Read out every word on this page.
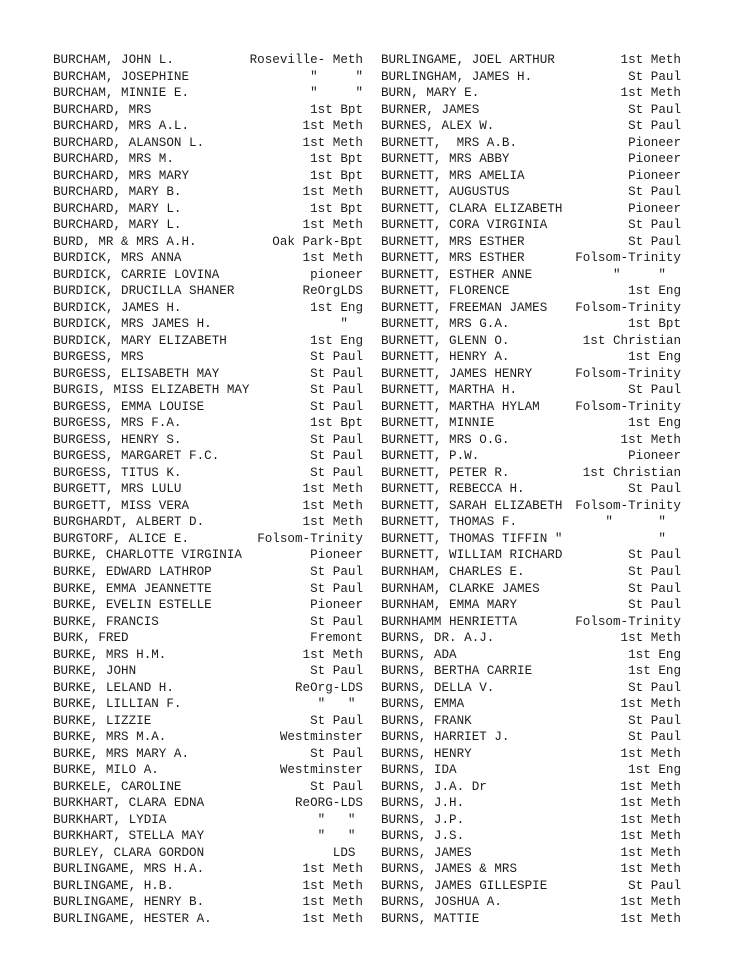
BURCHAM, JOHN L.	Roseville- Meth
BURCHAM, JOSEPHINE	"     "
BURCHAM, MINNIE E.	"     "
BURCHARD, MRS	1st Bpt
BURCHARD, MRS A.L.	1st Meth
BURCHARD, ALANSON L.	1st Meth
BURCHARD, MRS M.	1st Bpt
BURCHARD, MRS MARY	1st Bpt
BURCHARD, MARY B.	1st Meth
BURCHARD, MARY L.	1st Bpt
BURCHARD, MARY L.	1st Meth
BURD, MR & MRS A.H.	Oak Park-Bpt
BURDICK, MRS ANNA	1st Meth
BURDICK, CARRIE LOVINA	pioneer
BURDICK, DRUCILLA SHANER	ReOrgLDS
BURDICK, JAMES H.	1st Eng
BURDICK, MRS JAMES H.	"
BURDICK, MARY ELIZABETH	1st Eng
BURGESS, MRS	St Paul
BURGESS, ELISABETH MAY	St Paul
BURGIS, MISS ELIZABETH MAY	St Paul
BURGESS, EMMA LOUISE	St Paul
BURGESS, MRS F.A.	1st Bpt
BURGESS, HENRY S.	St Paul
BURGESS, MARGARET F.C.	St Paul
BURGESS, TITUS K.	St Paul
BURGETT, MRS LULU	1st Meth
BURGETT, MISS VERA	1st Meth
BURGHARDT, ALBERT D.	1st Meth
BURGTORF, ALICE E.	Folsom-Trinity
BURKE, CHARLOTTE VIRGINIA	Pioneer
BURKE, EDWARD LATHROP	St Paul
BURKE, EMMA JEANNETTE	St Paul
BURKE, EVELIN ESTELLE	Pioneer
BURKE, FRANCIS	St Paul
BURK, FRED	Fremont
BURKE, MRS H.M.	1st Meth
BURKE, JOHN	St Paul
BURKE, LELAND H.	ReOrg-LDS
BURKE, LILLIAN F.	"   "
BURKE, LIZZIE	St Paul
BURKE, MRS M.A.	Westminster
BURKE, MRS MARY A.	St Paul
BURKE, MILO A.	Westminster
BURKELE, CAROLINE	St Paul
BURKHART, CLARA EDNA	ReORG-LDS
BURKHART, LYDIA	"   "
BURKHART, STELLA MAY	"   "
BURLEY, CLARA GORDON	LDS
BURLINGAME, MRS H.A.	1st Meth
BURLINGAME, H.B.	1st Meth
BURLINGAME, HENRY B.	1st Meth
BURLINGAME, HESTER A.	1st Meth
BURLINGAME, JOEL ARTHUR	1st Meth
BURLINGHAM, JAMES H.	St Paul
BURN, MARY E.	1st Meth
BURNER, JAMES	St Paul
BURNES, ALEX W.	St Paul
BURNETT,  MRS A.B.	Pioneer
BURNETT, MRS ABBY	Pioneer
BURNETT, MRS AMELIA	Pioneer
BURNETT, AUGUSTUS	St Paul
BURNETT, CLARA ELIZABETH	Pioneer
BURNETT, CORA VIRGINIA	St Paul
BURNETT, MRS ESTHER	St Paul
BURNETT, MRS ESTHER	Folsom-Trinity
BURNETT, ESTHER ANNE	"     "
BURNETT, FLORENCE	1st Eng
BURNETT, FREEMAN JAMES Folsom-Trinity
BURNETT, MRS G.A.	1st Bpt
BURNETT, GLENN O.	1st Christian
BURNETT, HENRY A.	1st Eng
BURNETT, JAMES HENRY	Folsom-Trinity
BURNETT, MARTHA H.	St Paul
BURNETT, MARTHA HYLAM	Folsom-Trinity
BURNETT, MINNIE	1st Eng
BURNETT, MRS O.G.	1st Meth
BURNETT, P.W.	Pioneer
BURNETT, PETER R.	1st Christian
BURNETT, REBECCA H.	St Paul
BURNETT, SARAH ELIZABETH Folsom-Trinity
BURNETT, THOMAS F.	"      "
BURNETT, THOMAS TIFFIN "	"
BURNETT, WILLIAM RICHARD	St Paul
BURNHAM, CHARLES E.	St Paul
BURNHAM, CLARKE JAMES	St Paul
BURNHAM, EMMA MARY	St Paul
BURNHAMM HENRIETTA	Folsom-Trinity
BURNS, DR. A.J.	1st Meth
BURNS, ADA	1st Eng
BURNS, BERTHA CARRIE	1st Eng
BURNS, DELLA V.	St Paul
BURNS, EMMA	1st Meth
BURNS, FRANK	St Paul
BURNS, HARRIET J.	St Paul
BURNS, HENRY	1st Meth
BURNS, IDA	1st Eng
BURNS, J.A. Dr	1st Meth
BURNS, J.H.	1st Meth
BURNS, J.P.	1st Meth
BURNS, J.S.	1st Meth
BURNS, JAMES	1st Meth
BURNS, JAMES & MRS	1st Meth
BURNS, JAMES GILLESPIE	St Paul
BURNS, JOSHUA A.	1st Meth
BURNS, MATTIE	1st Meth
